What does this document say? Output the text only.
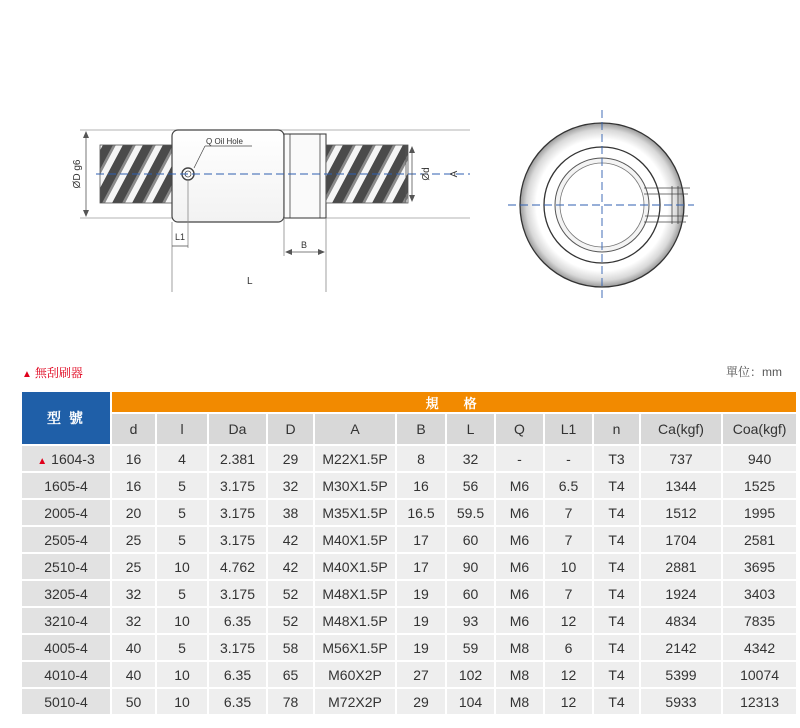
ØD g6
Q Oil Hole
Ød A
L1
B
L
▲ 無刮刷器	單位：mm
型 號	規　格											
	d	l	Da	D	A	B	L	Q	L1	n	Ca(kgf)	Coa(kgf)
▲ 1604-3	16	4	2.381	29	M22X1.5P	8	32	-	-	T3	737	940
1605-4	16	5	3.175	32	M30X1.5P	16	56	M6	6.5	T4	1344	1525
2005-4	20	5	3.175	38	M35X1.5P	16.5	59.5	M6	7	T4	1512	1995
2505-4	25	5	3.175	42	M40X1.5P	17	60	M6	7	T4	1704	2581
2510-4	25	10	4.762	42	M40X1.5P	17	90	M6	10	T4	2881	3695
3205-4	32	5	3.175	52	M48X1.5P	19	60	M6	7	T4	1924	3403
3210-4	32	10	6.35	52	M48X1.5P	19	93	M6	12	T4	4834	7835
4005-4	40	5	3.175	58	M56X1.5P	19	59	M8	6	T4	2142	4342
4010-4	40	10	6.35	65	M60X2P	27	102	M8	12	T4	5399	10074
5010-4	50	10	6.35	78	M72X2P	29	104	M8	12	T4	5933	12313
